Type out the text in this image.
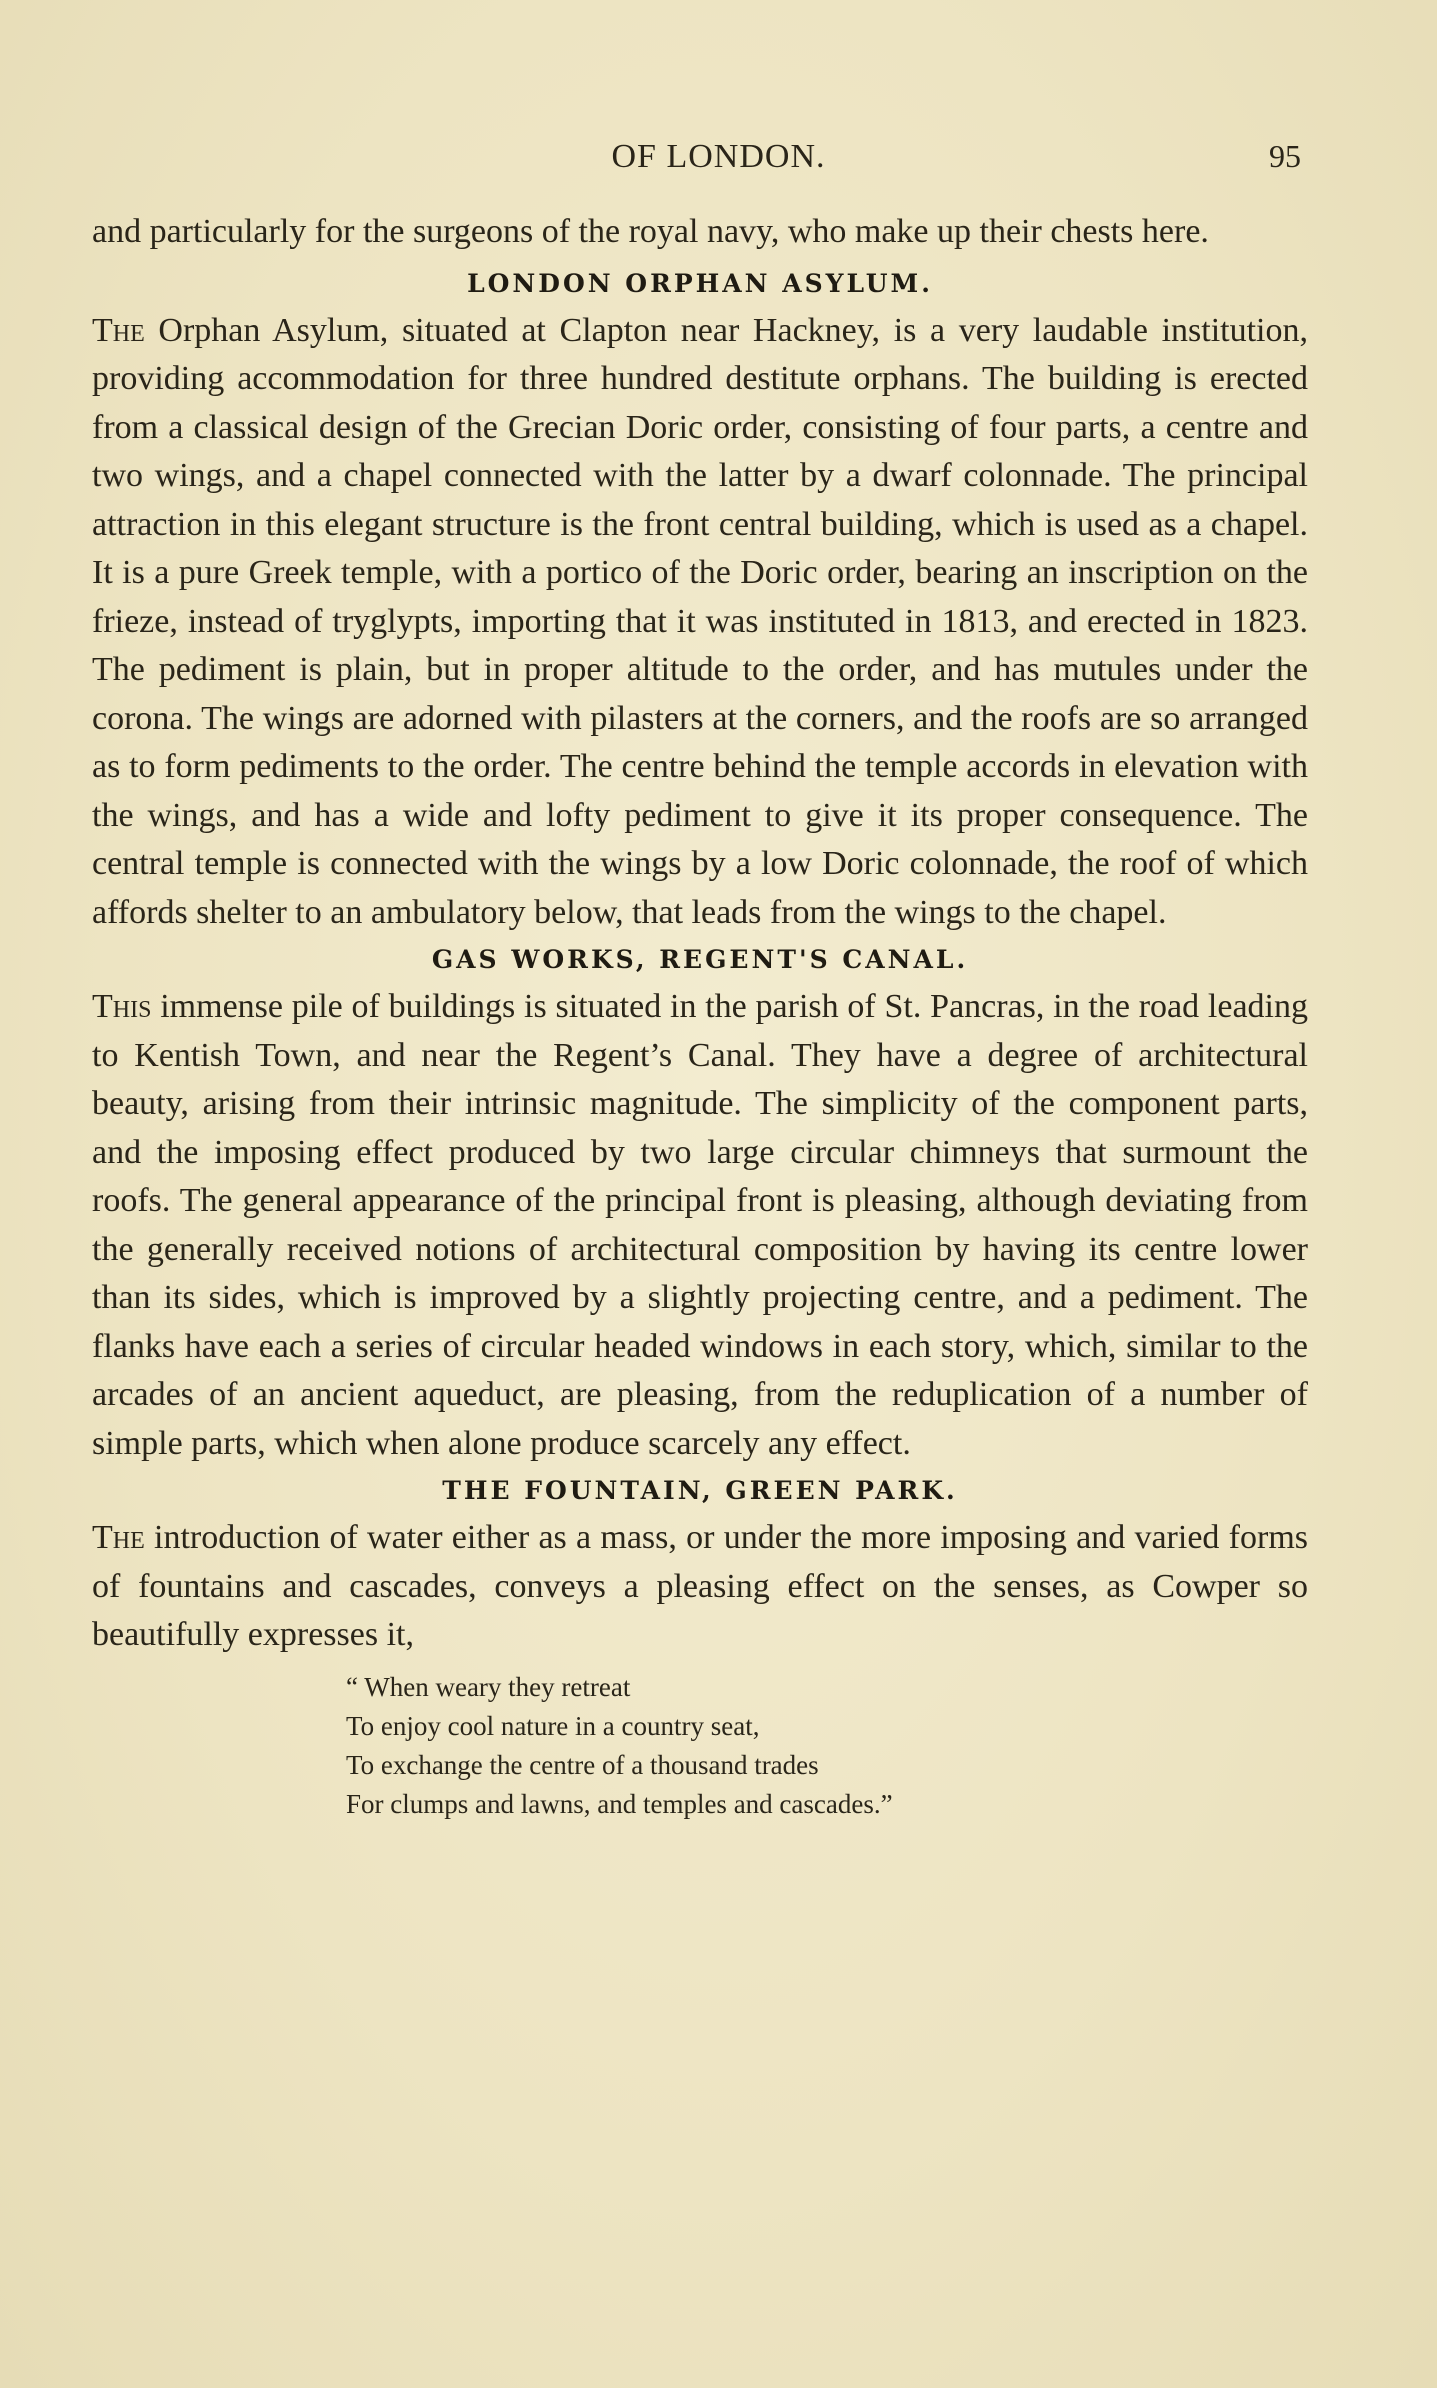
OF LONDON.	95

and particularly for the surgeons of the royal navy, who make up their chests here.

LONDON ORPHAN ASYLUM.

The Orphan Asylum, situated at Clapton near Hackney, is a very laudable institution, providing accommodation for three hundred destitute orphans. The building is erected from a classical design of the Grecian Doric order, consisting of four parts, a centre and two wings, and a chapel connected with the latter by a dwarf colonnade. The principal attraction in this elegant structure is the front central building, which is used as a chapel. It is a pure Greek temple, with a portico of the Doric order, bearing an inscription on the frieze, instead of tryglypts, importing that it was instituted in 1813, and erected in 1823. The pediment is plain, but in proper altitude to the order, and has mutules under the corona. The wings are adorned with pilasters at the corners, and the roofs are so arranged as to form pediments to the order. The centre behind the temple accords in elevation with the wings, and has a wide and lofty pediment to give it its proper consequence. The central temple is connected with the wings by a low Doric colonnade, the roof of which affords shelter to an ambulatory below, that leads from the wings to the chapel.

GAS WORKS, REGENT'S CANAL.

This immense pile of buildings is situated in the parish of St. Pancras, in the road leading to Kentish Town, and near the Regent’s Canal. They have a degree of architectural beauty, arising from their intrinsic magnitude. The simplicity of the component parts, and the imposing effect produced by two large circular chimneys that surmount the roofs. The general appearance of the principal front is pleasing, although deviating from the generally received notions of architectural composition by having its centre lower than its sides, which is improved by a slightly projecting centre, and a pediment. The flanks have each a series of circular headed windows in each story, which, similar to the arcades of an ancient aqueduct, are pleasing, from the reduplication of a number of simple parts, which when alone produce scarcely any effect.

THE FOUNTAIN, GREEN PARK.

The introduction of water either as a mass, or under the more imposing and varied forms of fountains and cascades, conveys a pleasing effect on the senses, as Cowper so beautifully expresses it,

“ When weary they retreat
To enjoy cool nature in a country seat,
To exchange the centre of a thousand trades
For clumps and lawns, and temples and cascades.”
